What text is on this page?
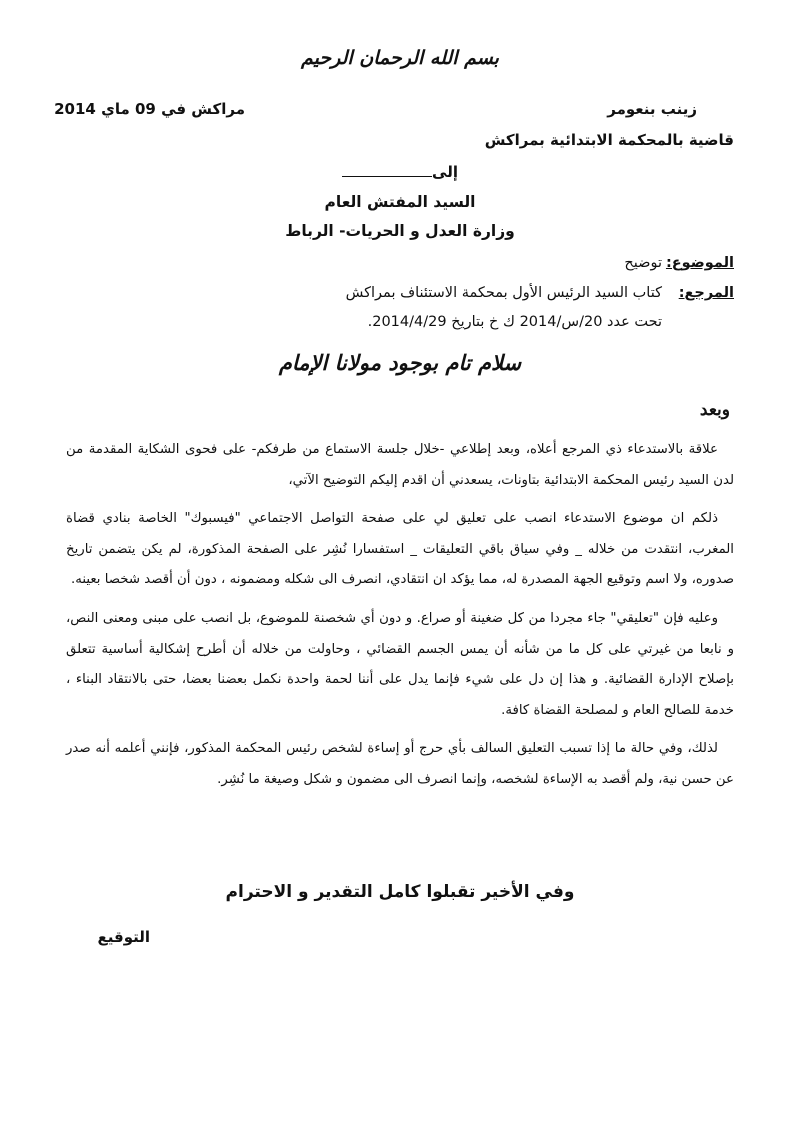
بسم الله الرحمان الرحيم
زينب بنعومر
قاضية بالمحكمة الابتدائية بمراكش
مراكش في 09 ماي 2014
إلى
السيد المفتش العام
وزارة العدل و الحريات- الرباط
الموضوع:
توضيح
المرجع:
كتاب السيد الرئيس الأول بمحكمة الاستئناف بمراكش
تحت عدد 20/س/2014 ك خ بتاريخ 2014/4/29.
سلام تام بوجود مولانا الإمام
وبعد

علاقة بالاستدعاء ذي المرجع أعلاه، وبعد إطلاعي -خلال جلسة الاستماع من طرفكم- على فحوى الشكاية المقدمة من لدن السيد رئيس المحكمة الابتدائية بتاونات، يسعدني أن اقدم إليكم التوضيح الآتي،

ذلكم ان موضوع الاستدعاء انصب على تعليق لي على صفحة التواصل الاجتماعي "فيسبوك" الخاصة بنادي قضاة المغرب، انتقدت من خلاله _ وفي سياق باقي التعليقات _ استفسارا نُشِر على الصفحة المذكورة، لم يكن يتضمن تاريخ صدوره، ولا اسم وتوقيع الجهة المصدرة له، مما يؤكد ان انتقادي، انصرف الى شكله ومضمونه ، دون أن أقصد شخصا بعينه.

وعليه فإن "تعليقي" جاء مجردا من كل ضغينة أو صراع. و دون أي شخصنة للموضوع، بل انصب على مبنى ومعنى النص، و نابعا من غيرتي على كل ما من شأنه أن يمس الجسم القضائي ، وحاولت من خلاله أن أطرح إشكالية أساسية تتعلق بإصلاح الإدارة القضائية. و هذا إن دل على شيء فإنما يدل على أننا لحمة واحدة نكمل بعضنا بعضا، حتى بالانتقاد البناء ، خدمة للصالح العام و لمصلحة القضاة كافة.

لذلك، وفي حالة ما إذا تسبب التعليق السالف بأي حرج أو إساءة لشخص رئيس المحكمة المذكور، فإنني أعلمه أنه صدر عن حسن نية، ولم أقصد به الإساءة لشخصه، وإنما انصرف الى مضمون و شكل وصيغة ما نُشِر.

وفي الأخير تقبلوا كامل التقدير و الاحترام
التوقيع
